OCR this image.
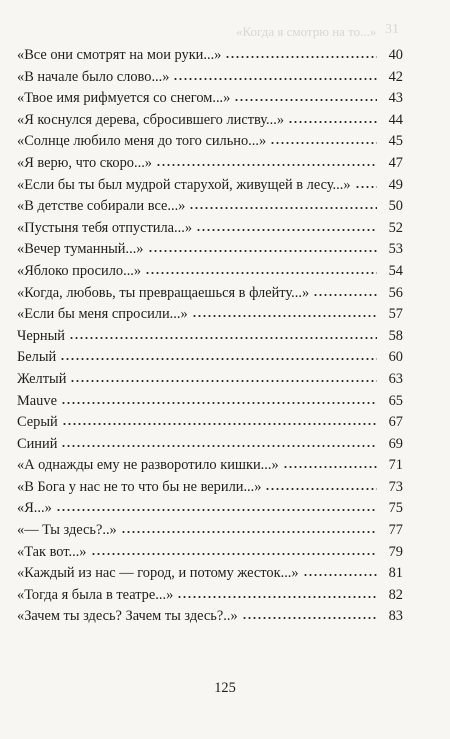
«Когда я смотрю на то...» 31
«Все они смотрят на мои руки...»	40
«В начале было слово...»	42
«Твое имя рифмуется со снегом...»	43
«Я коснулся дерева, сбросившего листву...»	44
«Солнце любило меня до того сильно...»	45
«Я верю, что скоро...»	47
«Если бы ты был мудрой старухой, живущей в лесу...»	49
«В детстве собирали все...»	50
«Пустыня тебя отпустила...»	52
«Вечер туманный...»	53
«Яблоко просило...»	54
«Когда, любовь, ты превращаешься в флейту...»	56
«Если бы меня спросили...»	57
Черный	58
Белый	60
Желтый	63
Mauve	65
Серый	67
Синий	69
«А однажды ему не разворотило кишки...»	71
«В Бога у нас не то что бы не верили...»	73
«Я...»	75
«— Ты здесь?..»	77
«Так вот...»	79
«Каждый из нас — город, и потому жесток...»	81
«Тогда я была в театре...»	82
«Зачем ты здесь? Зачем ты здесь?..»	83
125
